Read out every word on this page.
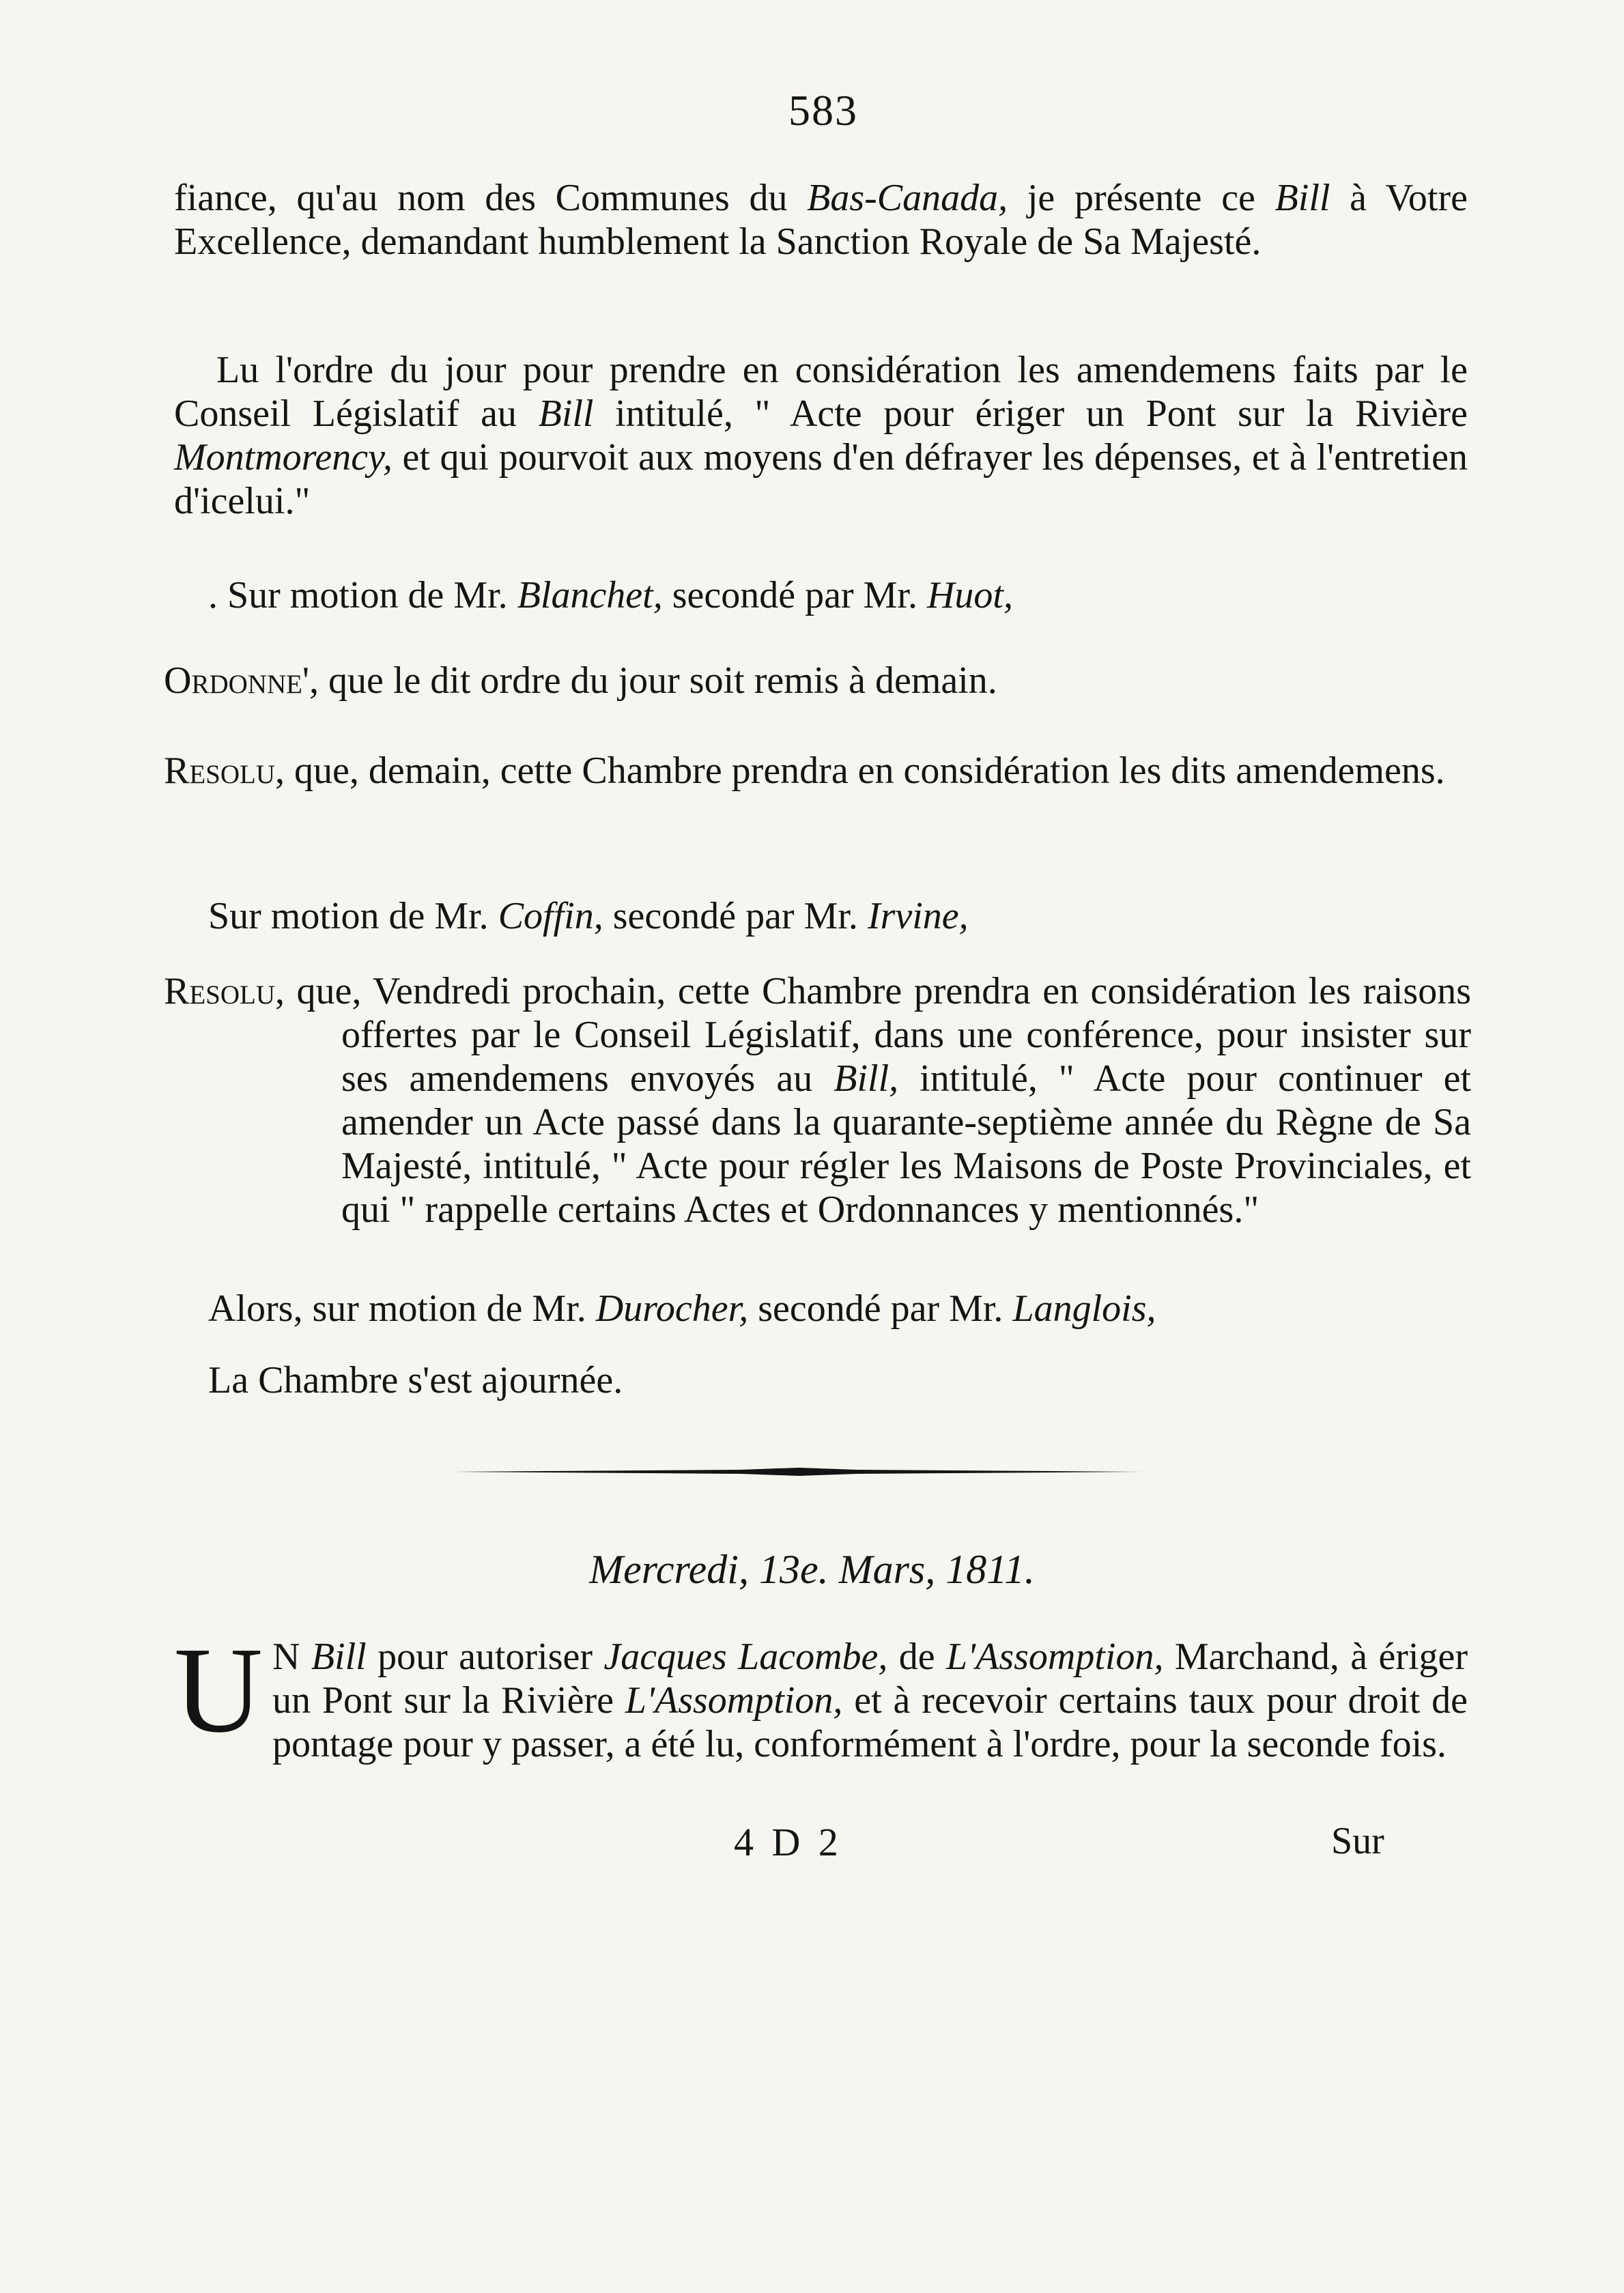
583
fiance, qu'au nom des Communes du Bas-Canada, je présente ce Bill à Votre Excellence, demandant humblement la Sanction Royale de Sa Majesté.
Lu l'ordre du jour pour prendre en considération les amendemens faits par le Conseil Législatif au Bill intitulé, " Acte pour ériger un Pont sur la Rivière Montmorency, et qui pourvoit aux moyens d'en défrayer les dépenses, et à l'entretien d'icelui."
. Sur motion de Mr. Blanchet, secondé par Mr. Huot,
Ordonne', que le dit ordre du jour soit remis à demain.
Resolu, que, demain, cette Chambre prendra en considération les dits amendemens.
Sur motion de Mr. Coffin, secondé par Mr. Irvine,
Resolu, que, Vendredi prochain, cette Chambre prendra en considération les raisons offertes par le Conseil Législatif, dans une conférence, pour insister sur ses amendemens envoyés au Bill, intitulé, " Acte pour continuer et amender un Acte passé dans la quarante-septième année du Règne de Sa Majesté, intitulé, " Acte pour régler les Maisons de Poste Provinciales, et qui " rappelle certains Actes et Ordonnances y mentionnés."
Alors, sur motion de Mr. Durocher, secondé par Mr. Langlois,
La Chambre s'est ajournée.
Mercredi, 13e. Mars, 1811.
U N Bill pour autoriser Jacques Lacombe, de L'Assomption, Marchand, à ériger un Pont sur la Rivière L'Assomption, et à recevoir certains taux pour droit de pontage pour y passer, a été lu, conformément à l'ordre, pour la seconde fois.
4 D 2	Sur
